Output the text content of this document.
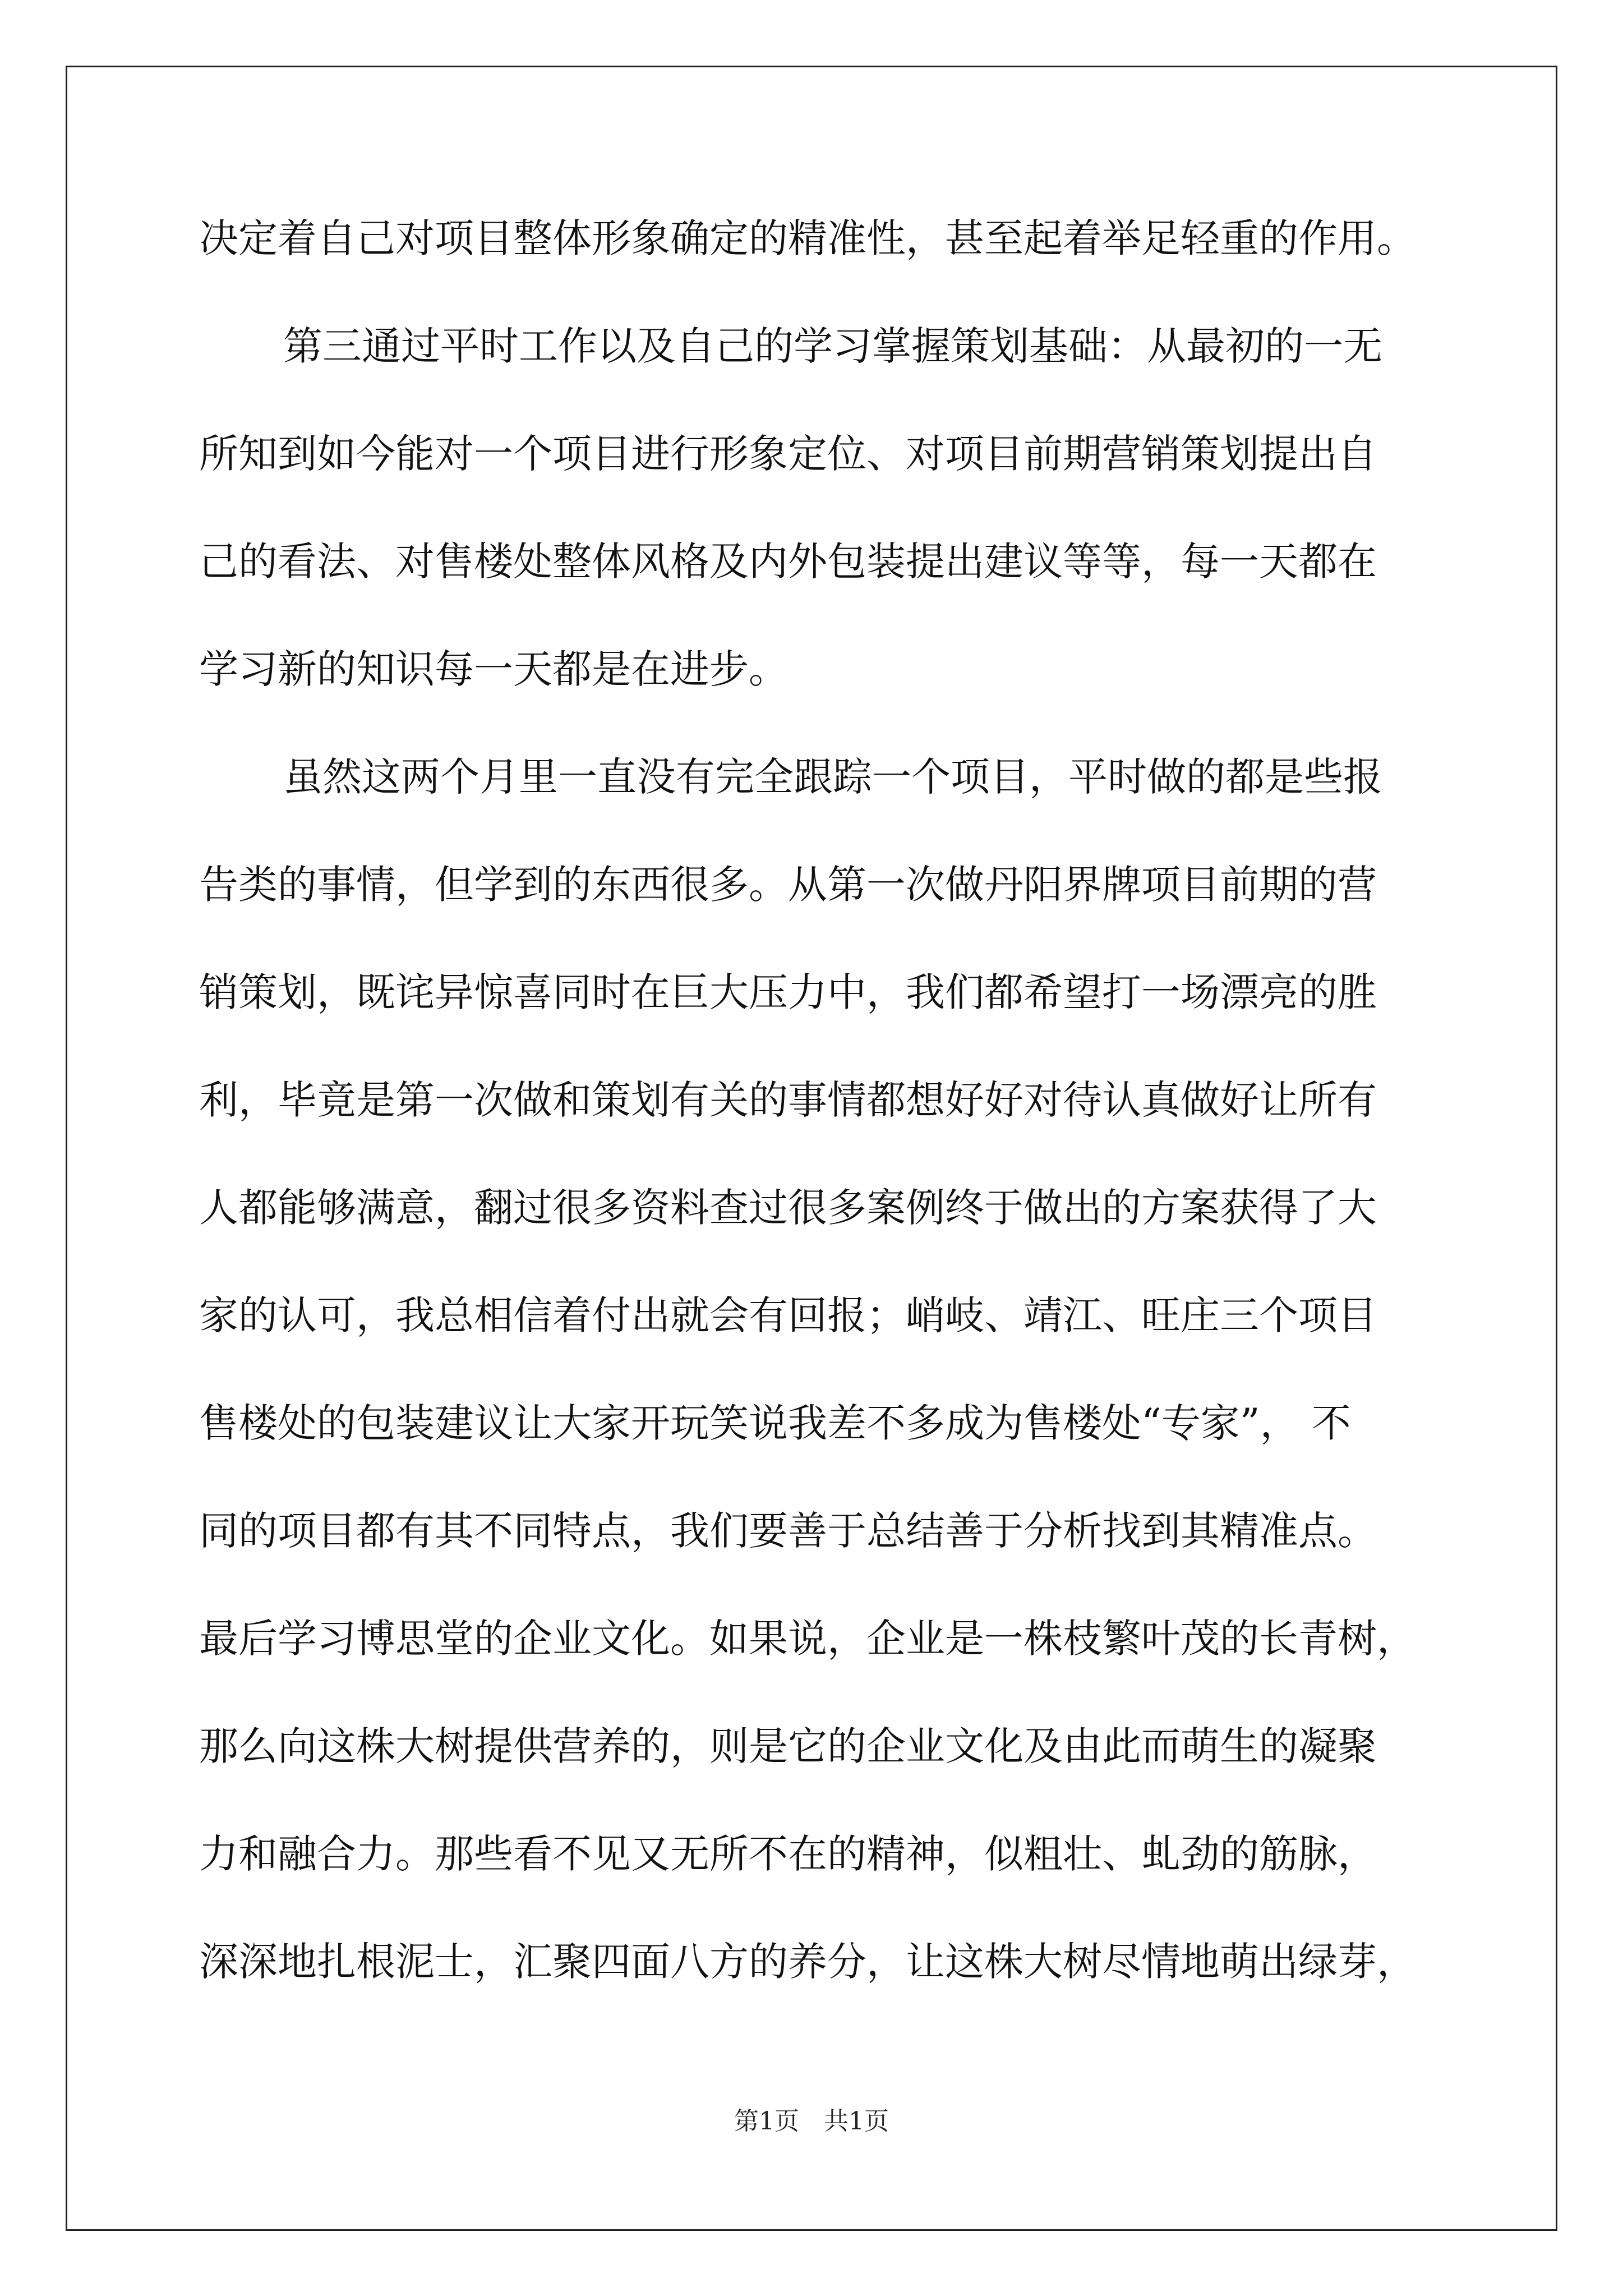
决定着自己对项目整体形象确定的精准性，甚至起着举足轻重的作用。
第三通过平时工作以及自己的学习掌握策划基础：从最初的一无
所知到如今能对一个项目进行形象定位、对项目前期营销策划提出自
己的看法、对售楼处整体风格及内外包装提出建议等等，每一天都在
学习新的知识每一天都是在进步。
虽然这两个月里一直没有完全跟踪一个项目，平时做的都是些报
告类的事情，但学到的东西很多。从第一次做丹阳界牌项目前期的营
销策划，既诧异惊喜同时在巨大压力中，我们都希望打一场漂亮的胜
利，毕竟是第一次做和策划有关的事情都想好好对待认真做好让所有
人都能够满意，翻过很多资料查过很多案例终于做出的方案获得了大
家的认可，我总相信着付出就会有回报；峭岐、靖江、旺庄三个项目
售楼处的包装建议让大家开玩笑说我差不多成为售楼处“专家”， 不
同的项目都有其不同特点，我们要善于总结善于分析找到其精准点。
最后学习博思堂的企业文化。如果说，企业是一株枝繁叶茂的长青树，
那么向这株大树提供营养的，则是它的企业文化及由此而萌生的凝聚
力和融合力。那些看不见又无所不在的精神，似粗壮、虬劲的筋脉，
深深地扎根泥士，汇聚四面八方的养分，让这株大树尽情地萌出绿芽，
第1页　共1页
